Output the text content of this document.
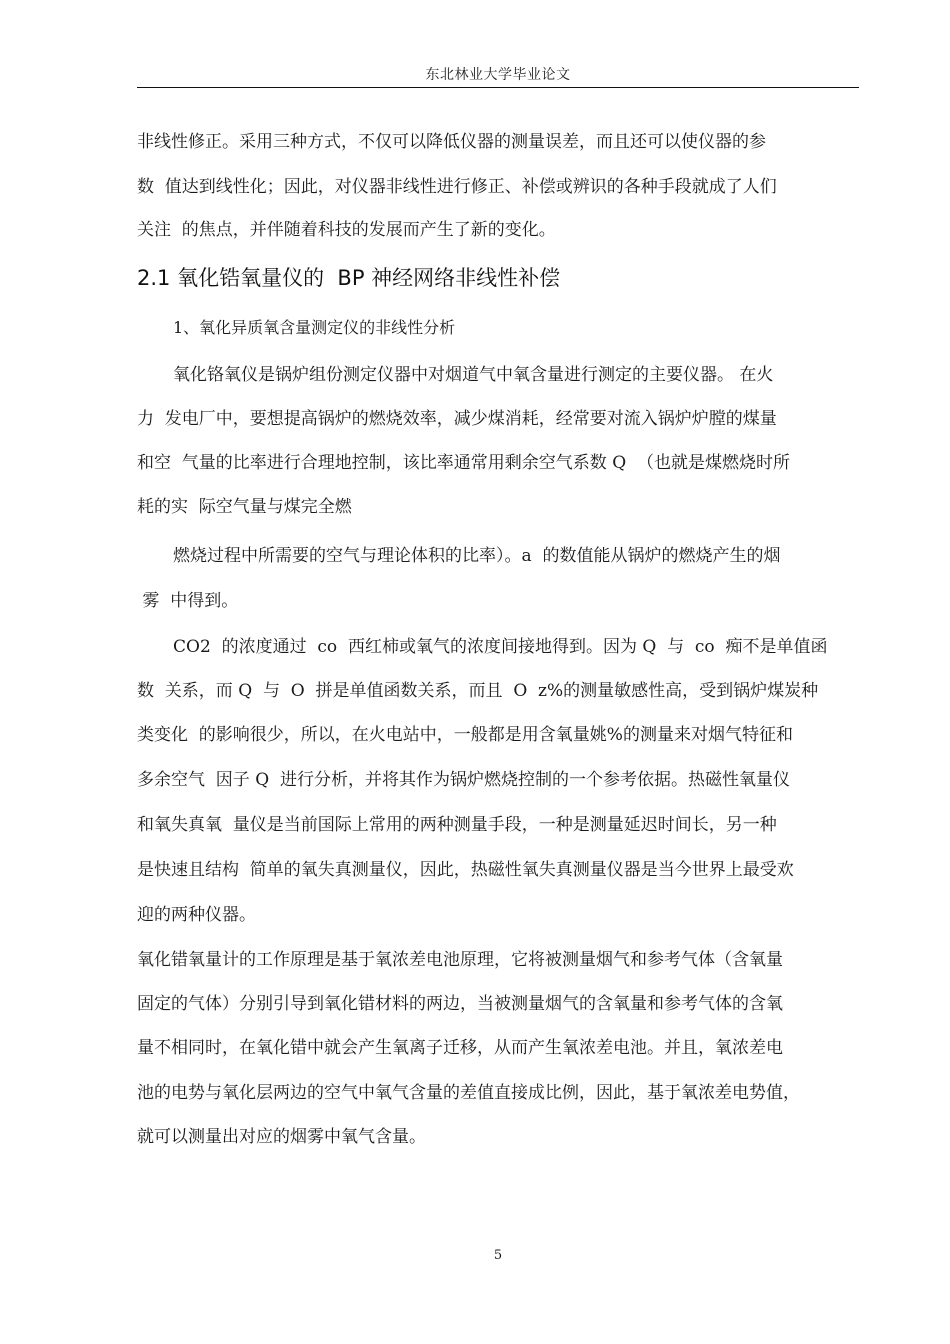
东北林业大学毕业论文
非线性修正。采用三种方式，不仅可以降低仪器的测量误差，而且还可以使仪器的参
数  值达到线性化；因此，对仪器非线性进行修正、补偿或辨识的各种手段就成了人们
关注  的焦点，并伴随着科技的发展而产生了新的变化。
2.1 氧化锆氧量仪的  BP 神经网络非线性补偿
1、氧化异质氧含量测定仪的非线性分析
氧化铬氧仪是锅炉组份测定仪器中对烟道气中氧含量进行测定的主要仪器。 在火
力  发电厂中，要想提高锅炉的燃烧效率，减少煤消耗，经常要对流入锅炉炉膛的煤量
和空  气量的比率进行合理地控制，该比率通常用剩余空气系数 Q  （也就是煤燃烧时所
耗的实  际空气量与煤完全燃
燃烧过程中所需要的空气与理论体积的比率）。a  的数值能从锅炉的燃烧产生的烟
雾  中得到。
CO2  的浓度通过  co  西红柿或氧气的浓度间接地得到。因为 Q  与  co  痴不是单值函
数  关系，而 Q  与  O  拼是单值函数关系，而且  O  z%的测量敏感性高，受到锅炉煤炭种
类变化  的影响很少，所以，在火电站中，一般都是用含氧量姚%的测量来对烟气特征和
多余空气  因子 Q  进行分析，并将其作为锅炉燃烧控制的一个参考依据。热磁性氧量仪
和氧失真氧  量仪是当前国际上常用的两种测量手段，一种是测量延迟时间长，另一种
是快速且结构  简单的氧失真测量仪，因此，热磁性氧失真测量仪器是当今世界上最受欢
迎的两种仪器。
氧化错氧量计的工作原理是基于氧浓差电池原理，它将被测量烟气和参考气体（含氧量
固定的气体）分别引导到氧化错材料的两边，当被测量烟气的含氧量和参考气体的含氧
量不相同时，在氧化错中就会产生氧离子迁移，从而产生氧浓差电池。并且，氧浓差电
池的电势与氧化层两边的空气中氧气含量的差值直接成比例，因此，基于氧浓差电势值，
就可以测量出对应的烟雾中氧气含量。
5
